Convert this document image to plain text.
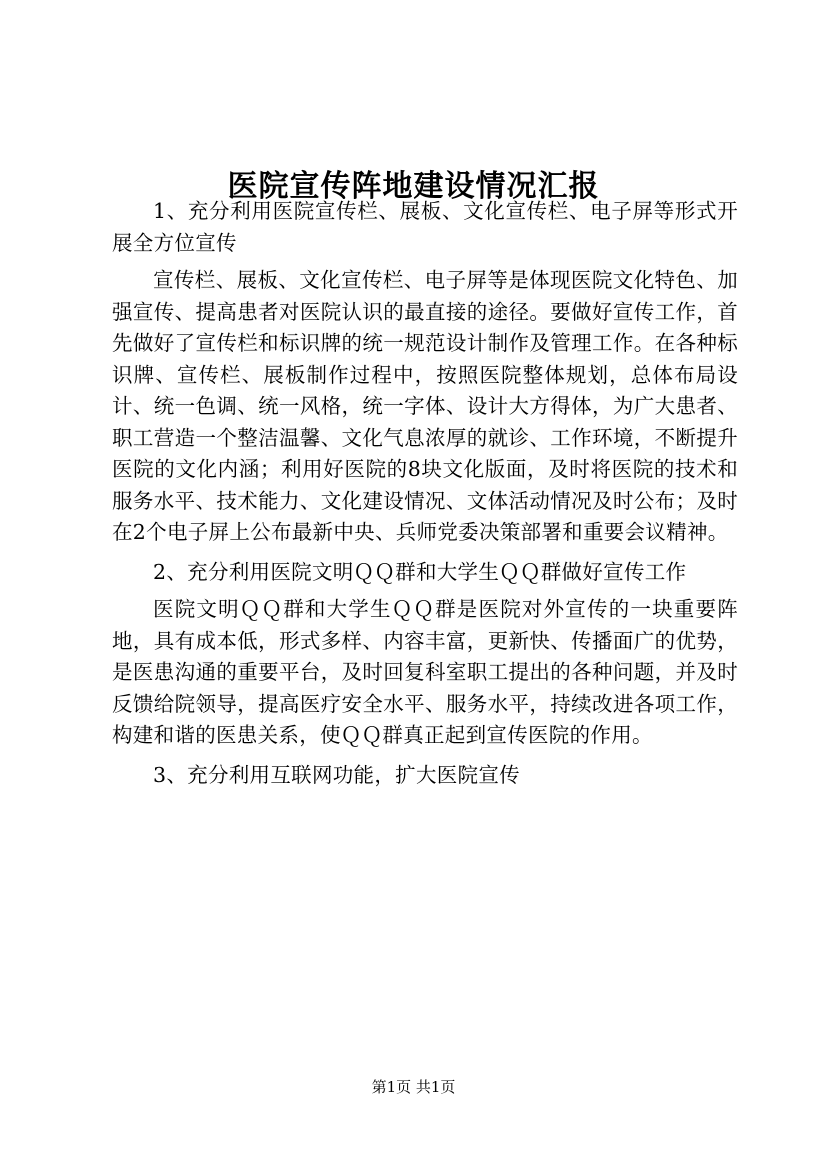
医院宣传阵地建设情况汇报

1、充分利用医院宣传栏、展板、文化宣传栏、电子屏等形式开展全方位宣传

宣传栏、展板、文化宣传栏、电子屏等是体现医院文化特色、加强宣传、提高患者对医院认识的最直接的途径。要做好宣传工作，首先做好了宣传栏和标识牌的统一规范设计制作及管理工作。在各种标识牌、宣传栏、展板制作过程中，按照医院整体规划，总体布局设计、统一色调、统一风格，统一字体、设计大方得体，为广大患者、职工营造一个整洁温馨、文化气息浓厚的就诊、工作环境，不断提升医院的文化内涵；利用好医院的8块文化版面，及时将医院的技术和服务水平、技术能力、文化建设情况、文体活动情况及时公布；及时在2个电子屏上公布最新中央、兵师党委决策部署和重要会议精神。

2、充分利用医院文明ＱＱ群和大学生ＱＱ群做好宣传工作

医院文明ＱＱ群和大学生ＱＱ群是医院对外宣传的一块重要阵地，具有成本低，形式多样、内容丰富，更新快、传播面广的优势，是医患沟通的重要平台，及时回复科室职工提出的各种问题，并及时反馈给院领导，提高医疗安全水平、服务水平，持续改进各项工作，构建和谐的医患关系，使ＱＱ群真正起到宣传医院的作用。

3、充分利用互联网功能，扩大医院宣传

第1页 共1页
